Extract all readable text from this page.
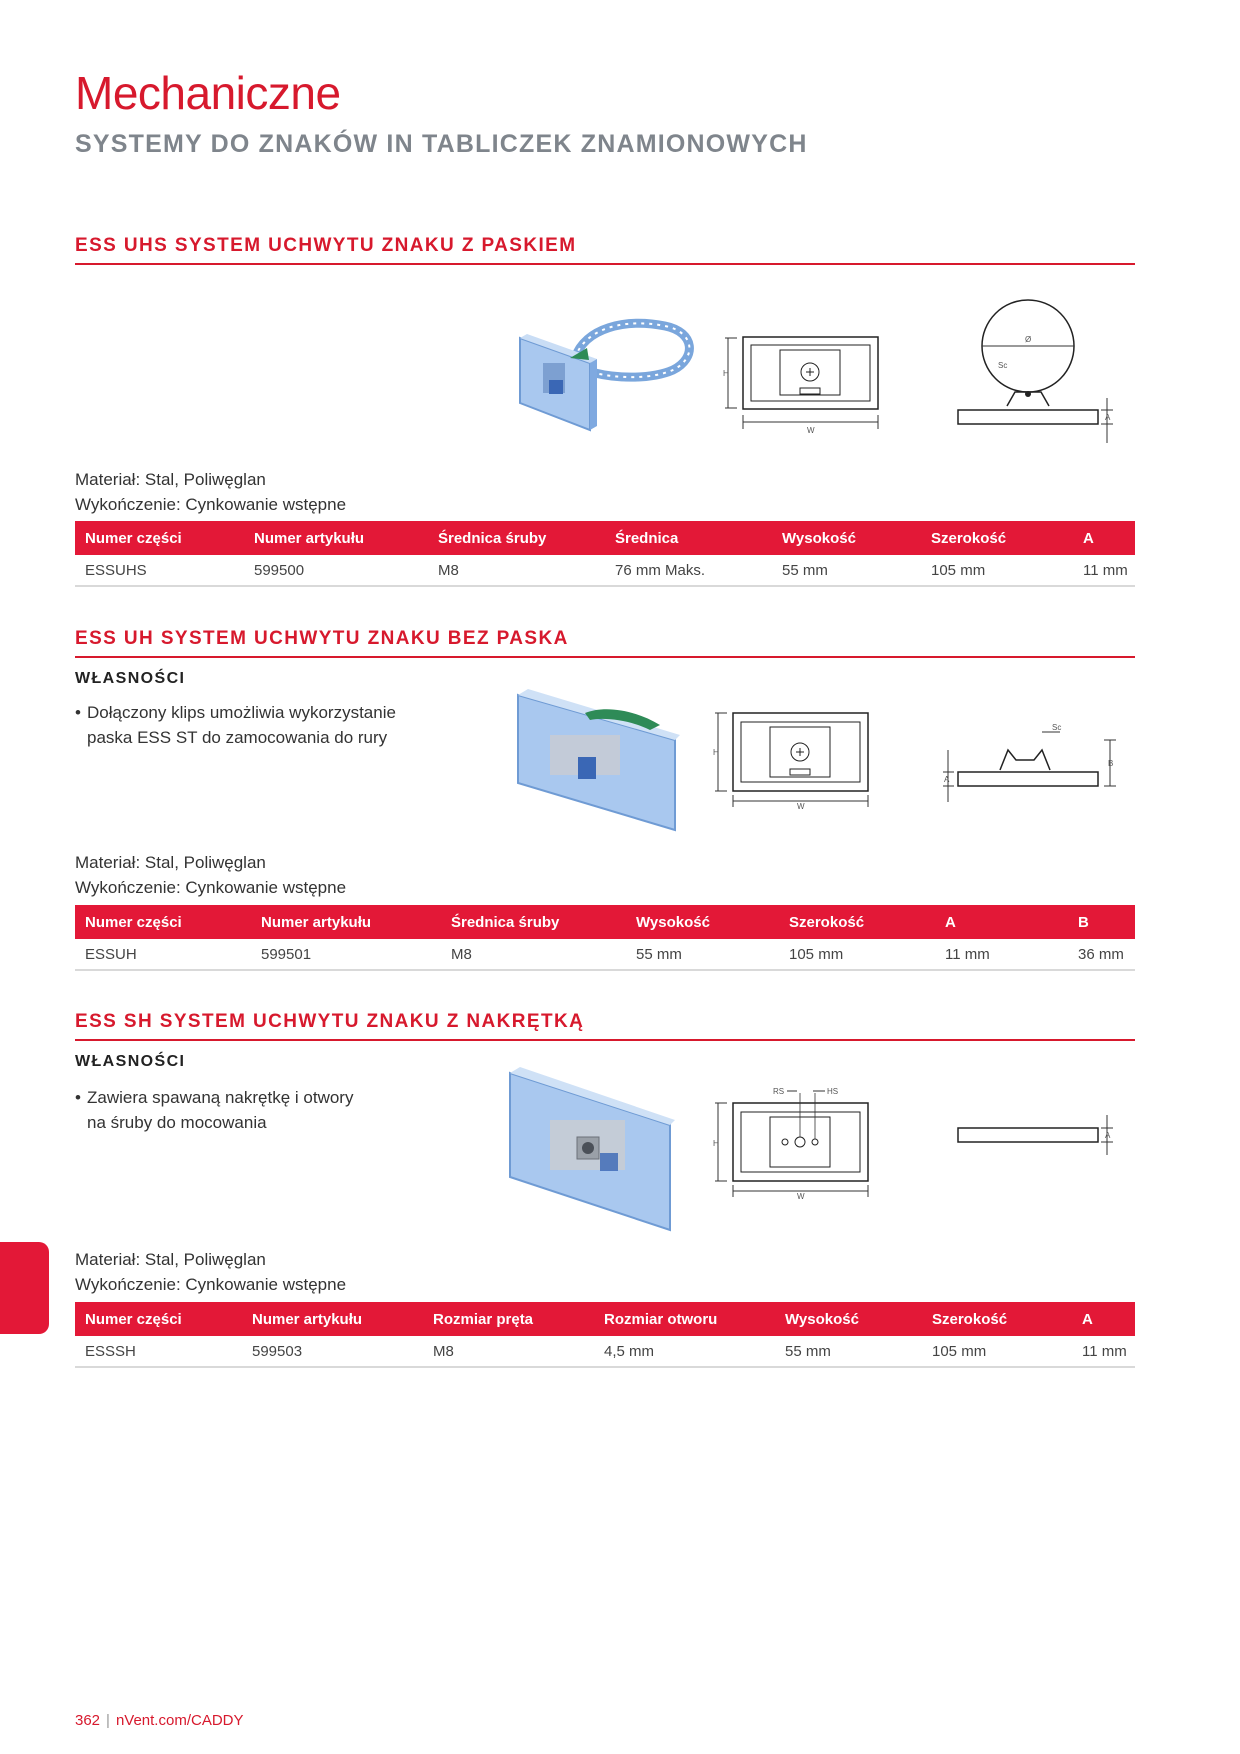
Mechaniczne
SYSTEMY DO ZNAKÓW IN TABLICZEK ZNAMIONOWYCH
ESS UHS SYSTEM UCHWYTU ZNAKU Z PASKIEM
H
W
Ø
Sc
A
Materiał: Stal, Poliwęglan
Wykończenie: Cynkowanie wstępne
Numer części	Numer artykułu	Średnica śruby	Średnica	Wysokość	Szerokość	A
ESSUHS	599500	M8	76 mm Maks.	55 mm	105 mm	11 mm
ESS UH SYSTEM UCHWYTU ZNAKU BEZ PASKA
WŁASNOŚCI
• Dołączony klips umożliwia wykorzystanie
paska ESS ST do zamocowania do rury
H
W
A
Sc
B
Materiał: Stal, Poliwęglan
Wykończenie: Cynkowanie wstępne
Numer części	Numer artykułu	Średnica śruby	Wysokość	Szerokość	A	B
ESSUH	599501	M8	55 mm	105 mm	11 mm	36 mm
ESS SH SYSTEM UCHWYTU ZNAKU Z NAKRĘTKĄ
WŁASNOŚCI
• Zawiera spawaną nakrętkę i otwory
na śruby do mocowania
RS	HS
H
W
A
Materiał: Stal, Poliwęglan
Wykończenie: Cynkowanie wstępne
Numer części	Numer artykułu	Rozmiar pręta	Rozmiar otworu	Wysokość	Szerokość	A
ESSSH	599503	M8	4,5 mm	55 mm	105 mm	11 mm
362 | nVent.com/CADDY
